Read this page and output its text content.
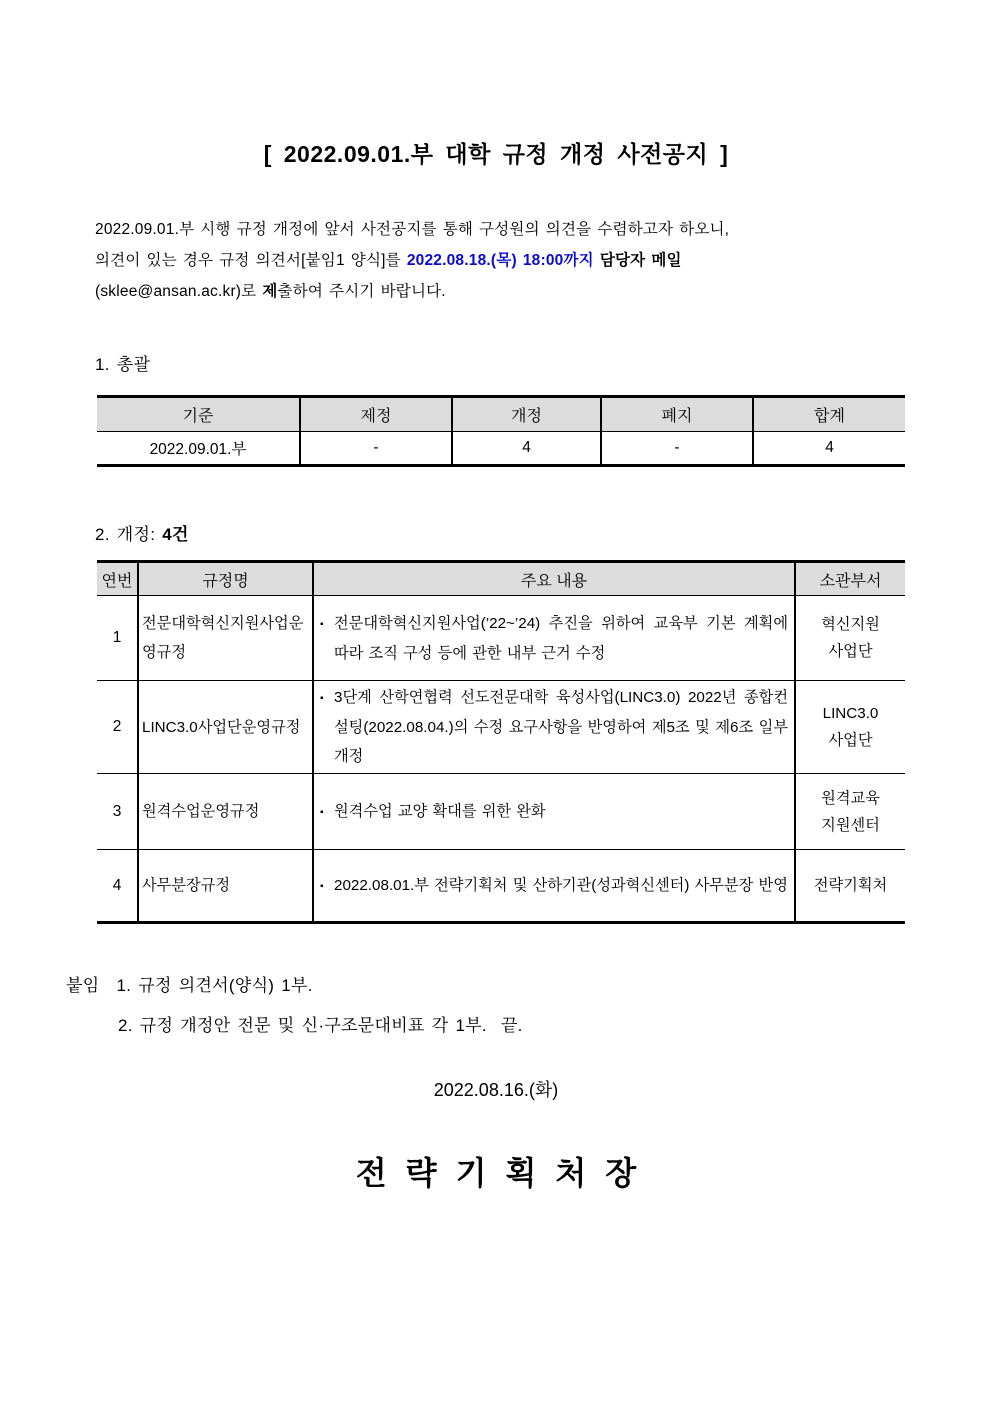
[ 2022.09.01.부 대학 규정 개정 사전공지 ]
2022.09.01.부 시행 규정 개정에 앞서 사전공지를 통해 구성원의 의견을 수렴하고자 하오니,
의견이 있는 경우 규정 의견서[붙임1 양식]를 2022.08.18.(목) 18:00까지 담당자 메일
(sklee@ansan.ac.kr)로 제출하여 주시기 바랍니다.
1. 총괄
기준	제정	개정	폐지	합계
2022.09.01.부	-	4	-	4
2. 개정: 4건
연번	규정명	주요 내용	소관부서
1	전문대학혁신지원사업운영규정	▪ 전문대학혁신지원사업(’22~’24) 추진을 위하여 교육부 기본 계획에 따라 조직 구성 등에 관한 내부 근거 수정	혁신지원
사업단

2	LINC3.0사업단운영규정	▪ 3단계 산학연협력 선도전문대학 육성사업(LINC3.0) 2022년 종합컨설팅(2022.08.04.)의 수정 요구사항을 반영하여 제5조 및 제6조 일부 개정	LINC3.0
사업단

3	원격수업운영규정	▪ 원격수업 교양 확대를 위한 완화	원격교육
지원센터

4	사무분장규정	▪ 2022.08.01.부 전략기획처 및 산하기관(성과혁신센터) 사무분장 반영	전략기획처
붙임 1. 규정 의견서(양식) 1부.
2. 규정 개정안 전문 및 신·구조문대비표 각 1부. 끝.
2022.08.16.(화)
전략기획처장
